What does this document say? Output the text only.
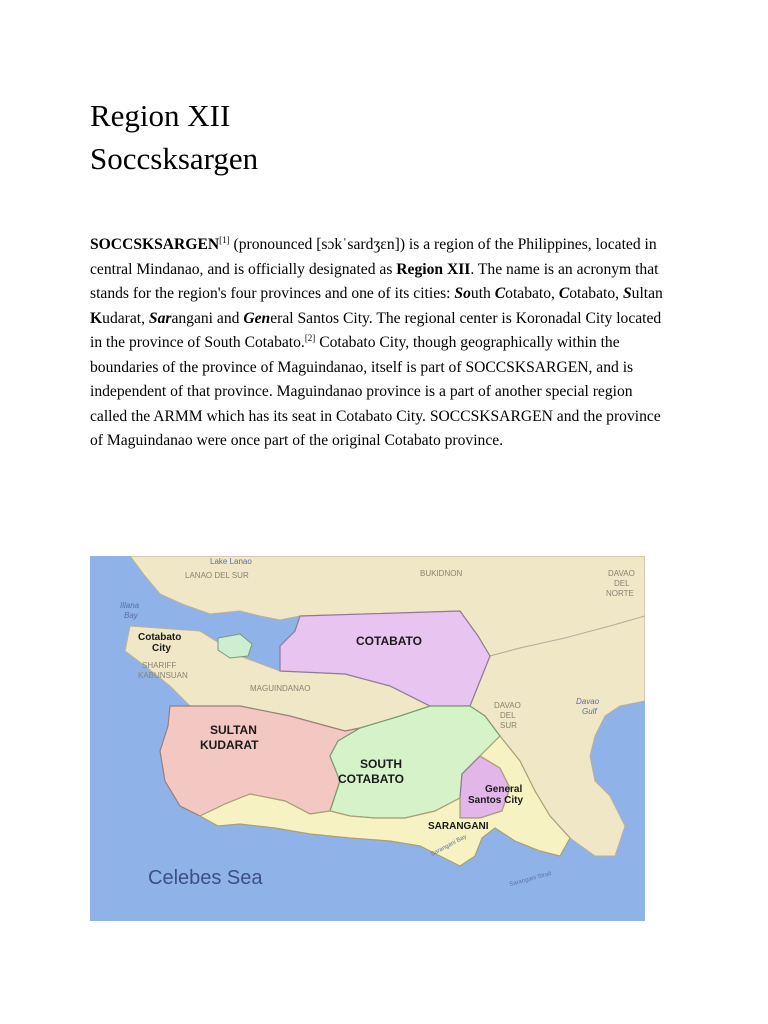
Region XII
Soccsksargen

SOCCSKSARGEN[1] (pronounced [sɔkˈsardʒɛn]) is a region of the Philippines, located in central Mindanao, and is officially designated as Region XII. The name is an acronym that stands for the region's four provinces and one of its cities: South Cotabato, Cotabato, Sultan Kudarat, Sarangani and General Santos City. The regional center is Koronadal City located in the province of South Cotabato.[2] Cotabato City, though geographically within the boundaries of the province of Maguindanao, itself is part of SOCCSKSARGEN, and is independent of that province. Maguindanao province is a part of another special region called the ARMM which has its seat in Cotabato City. SOCCSKSARGEN and the province of Maguindanao were once part of the original Cotabato province.

Lake Lanao
Illana
Bay
Davao
Gulf
Sarangani Bay
Sarangani Strait
Celebes Sea
LANAO DEL SUR	BUKIDNON	DAVAO
DEL
NORTE
SHARIFF
KABUNSUAN
MAGUINDANAO
DAVAO
DEL
SUR
Cotabato
City
COTABATO
SULTAN
KUDARAT
SOUTH
COTABATO
General
Santos City
SARANGANI
